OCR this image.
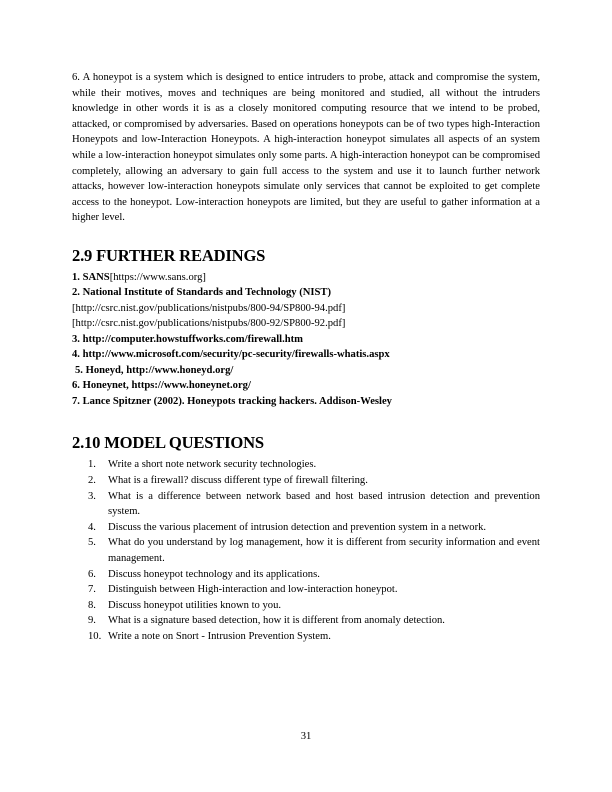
6. A honeypot is a system which is designed to entice intruders to probe, attack and compromise the system, while their motives, moves and techniques are being monitored and studied, all without the intruders knowledge in other words it is as a closely monitored computing resource that we intend to be probed, attacked, or compromised by adversaries. Based on operations honeypots can be of two types high-Interaction Honeypots and low-Interaction Honeypots. A high-interaction honeypot simulates all aspects of an system while a low-interaction honeypot simulates only some parts. A high-interaction honeypot can be compromised completely, allowing an adversary to gain full access to the system and use it to launch further network attacks, however low-interaction honeypots simulate only services that cannot be exploited to get complete access to the honeypot. Low-interaction honeypots are limited, but they are useful to gather information at a higher level.

2.9 FURTHER READINGS
1. SANS[https://www.sans.org]
2. National Institute of Standards and Technology (NIST)
[http://csrc.nist.gov/publications/nistpubs/800-94/SP800-94.pdf]
[http://csrc.nist.gov/publications/nistpubs/800-92/SP800-92.pdf]
3. http://computer.howstuffworks.com/firewall.htm
4. http://www.microsoft.com/security/pc-security/firewalls-whatis.aspx
5. Honeyd, http://www.honeyd.org/
6. Honeynet, https://www.honeynet.org/
7. Lance Spitzner (2002). Honeypots tracking hackers. Addison-Wesley
2.10 MODEL QUESTIONS
1.	Write a short note network security technologies.
2.	What is a firewall? discuss different type of firewall filtering.
3.	What is a difference between network based and host based intrusion detection and prevention system.
4.	Discuss the various placement of intrusion detection and prevention system in a network.
5.	What do you understand by log management, how it is different from security information and event management.
6.	Discuss honeypot technology and its applications.
7.	Distinguish between High-interaction and low-interaction honeypot.
8.	Discuss honeypot utilities known to you.
9.	What is a signature based detection, how it is different from anomaly detection.
10. Write a note on Snort - Intrusion Prevention System.
31
